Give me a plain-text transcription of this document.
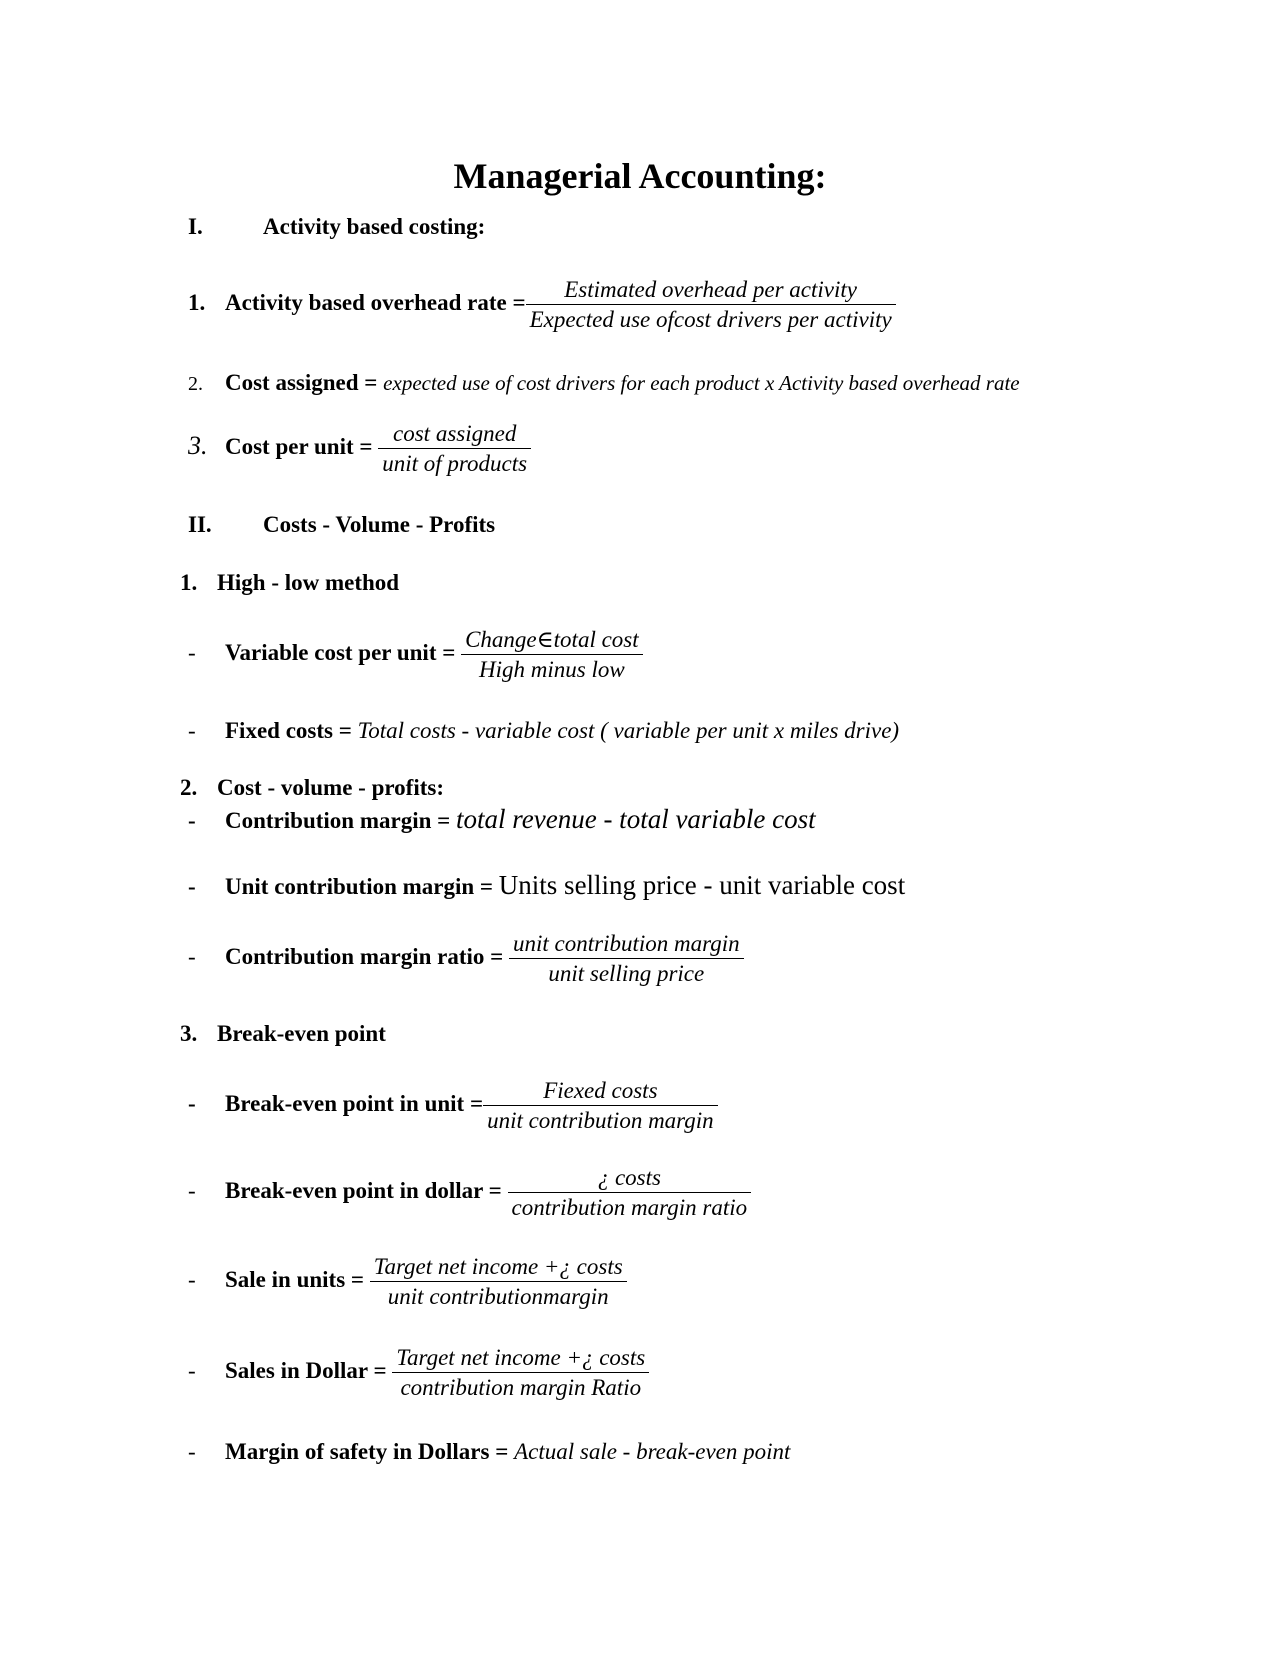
Managerial Accounting:
I.	Activity based costing:
1. Activity based overhead rate = $\frac{\text{Estimated overhead per activity}}{\text{Expected use ofcost drivers per activity}}$
2. Cost assigned = expected use of cost drivers for each product x Activity based overhead rate
3. Cost per unit = $\frac{\text{cost assigned}}{\text{unit of products}}$
II. Costs - Volume - Profits
1. High - low method
- Variable cost per unit = $\frac{\text{Change∈total cost}}{\text{High minus low}}$
- Fixed costs = Total costs - variable cost ( variable per unit x miles drive)
2. Cost - volume - profits:
- Contribution margin = total revenue - total variable cost
- Unit contribution margin = Units selling price - unit variable cost
- Contribution margin ratio = $\frac{\text{unit contribution margin}}{\text{unit selling price}}$
3. Break-even point
- Break-even point in unit = $\frac{\text{Fiexed costs}}{\text{unit contribution margin}}$
- Break-even point in dollar = $\frac{\text{¿ costs}}{\text{contribution margin ratio}}$
- Sale in units = $\frac{\text{Target net income +¿ costs}}{\text{unit contributionmargin}}$
- Sales in Dollar = $\frac{\text{Target net income +¿ costs}}{\text{contribution margin Ratio}}$
- Margin of safety in Dollars = Actual sale - break-even point
